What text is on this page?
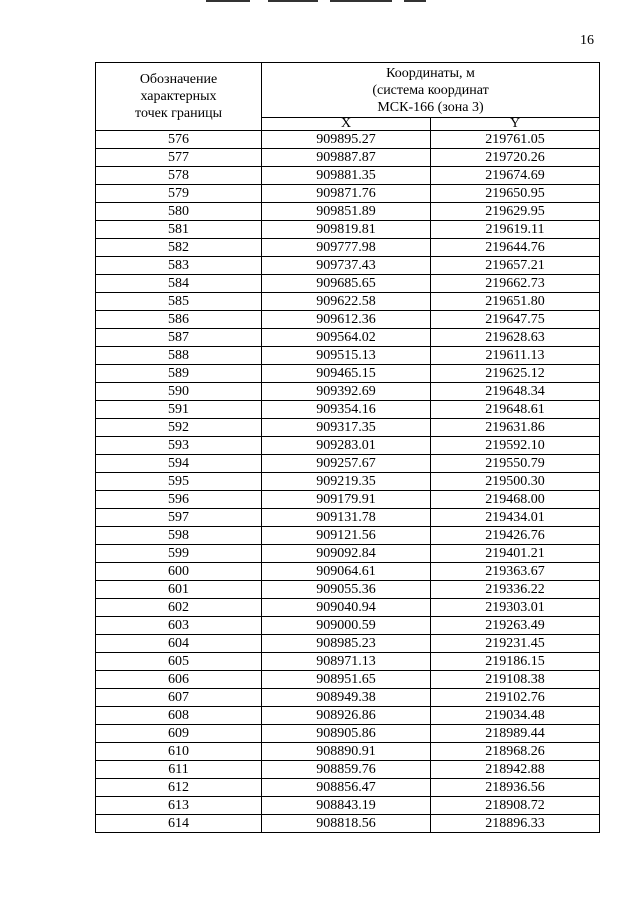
16
Обозначение
характерных
точек границы	Координаты, м
(система координат
МСК-166 (зона 3)	
	X	Y
576	909895.27	219761.05
577	909887.87	219720.26
578	909881.35	219674.69
579	909871.76	219650.95
580	909851.89	219629.95
581	909819.81	219619.11
582	909777.98	219644.76
583	909737.43	219657.21
584	909685.65	219662.73
585	909622.58	219651.80
586	909612.36	219647.75
587	909564.02	219628.63
588	909515.13	219611.13
589	909465.15	219625.12
590	909392.69	219648.34
591	909354.16	219648.61
592	909317.35	219631.86
593	909283.01	219592.10
594	909257.67	219550.79
595	909219.35	219500.30
596	909179.91	219468.00
597	909131.78	219434.01
598	909121.56	219426.76
599	909092.84	219401.21
600	909064.61	219363.67
601	909055.36	219336.22
602	909040.94	219303.01
603	909000.59	219263.49
604	908985.23	219231.45
605	908971.13	219186.15
606	908951.65	219108.38
607	908949.38	219102.76
608	908926.86	219034.48
609	908905.86	218989.44
610	908890.91	218968.26
611	908859.76	218942.88
612	908856.47	218936.56
613	908843.19	218908.72
614	908818.56	218896.33
